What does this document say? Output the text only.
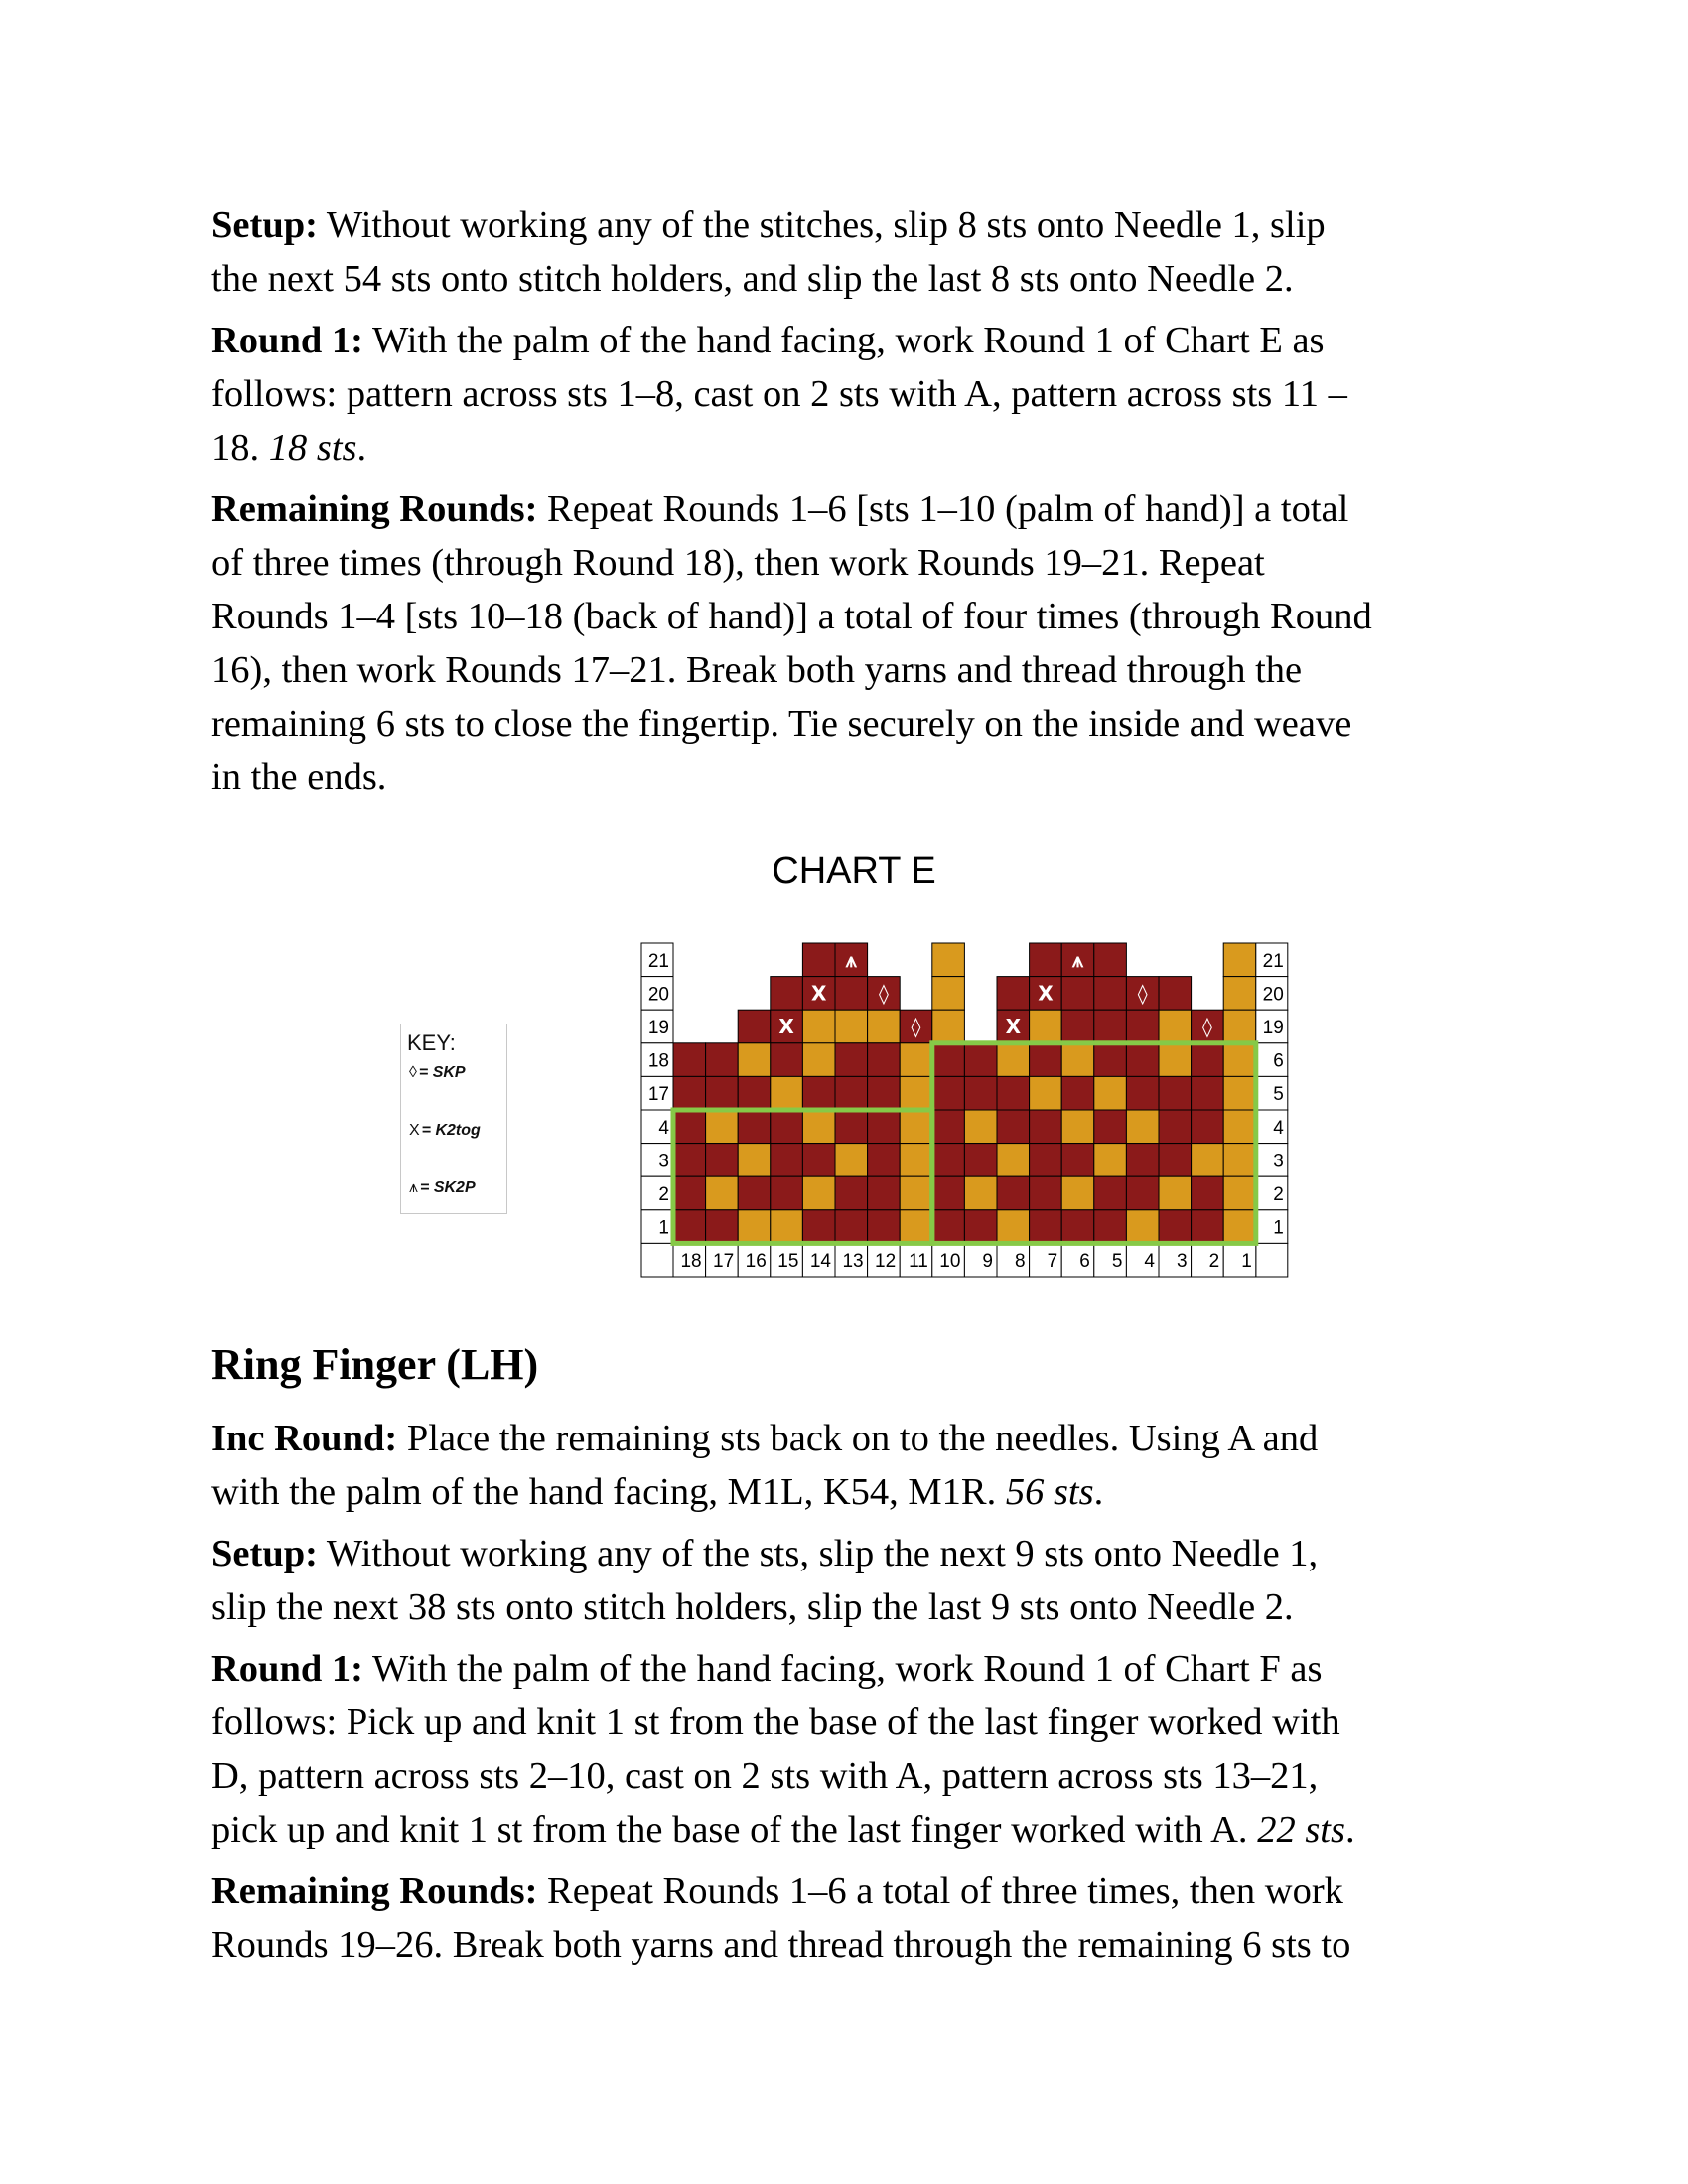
Setup: Without working any of the stitches, slip 8 sts onto Needle 1, slip
the next 54 sts onto stitch holders, and slip the last 8 sts onto Needle 2.

Round 1: With the palm of the hand facing, work Round 1 of Chart E as
follows: pattern across sts 1–8, cast on 2 sts with A, pattern across sts 11 –
18. 18 sts.

Remaining Rounds: Repeat Rounds 1–6 [sts 1–10 (palm of hand)] a total
of three times (through Round 18), then work Rounds 19–21. Repeat
Rounds 1–4 [sts 10–18 (back of hand)] a total of four times (through Round
16), then work Rounds 17–21. Break both yarns and thread through the
remaining 6 sts to close the fingertip. Tie securely on the inside and weave
in the ends.

CHART E
KEY:
◊ = SKP
X = K2tog
⩚ = SK2P
⩚	⩚
X	◊	X	◊
X	◊	X	◊
21
20
19
18
17
4
3
2
1
21
20
19
6
5
4
3
2
1
18 17 16 15 14 13 12 11 10 9 8 7 6 5 4 3 2 1
Ring Finger (LH)

Inc Round: Place the remaining sts back on to the needles. Using A and
with the palm of the hand facing, M1L, K54, M1R. 56 sts.

Setup: Without working any of the sts, slip the next 9 sts onto Needle 1,
slip the next 38 sts onto stitch holders, slip the last 9 sts onto Needle 2.

Round 1: With the palm of the hand facing, work Round 1 of Chart F as
follows: Pick up and knit 1 st from the base of the last finger worked with
D, pattern across sts 2–10, cast on 2 sts with A, pattern across sts 13–21,
pick up and knit 1 st from the base of the last finger worked with A. 22 sts.

Remaining Rounds: Repeat Rounds 1–6 a total of three times, then work
Rounds 19–26. Break both yarns and thread through the remaining 6 sts to
